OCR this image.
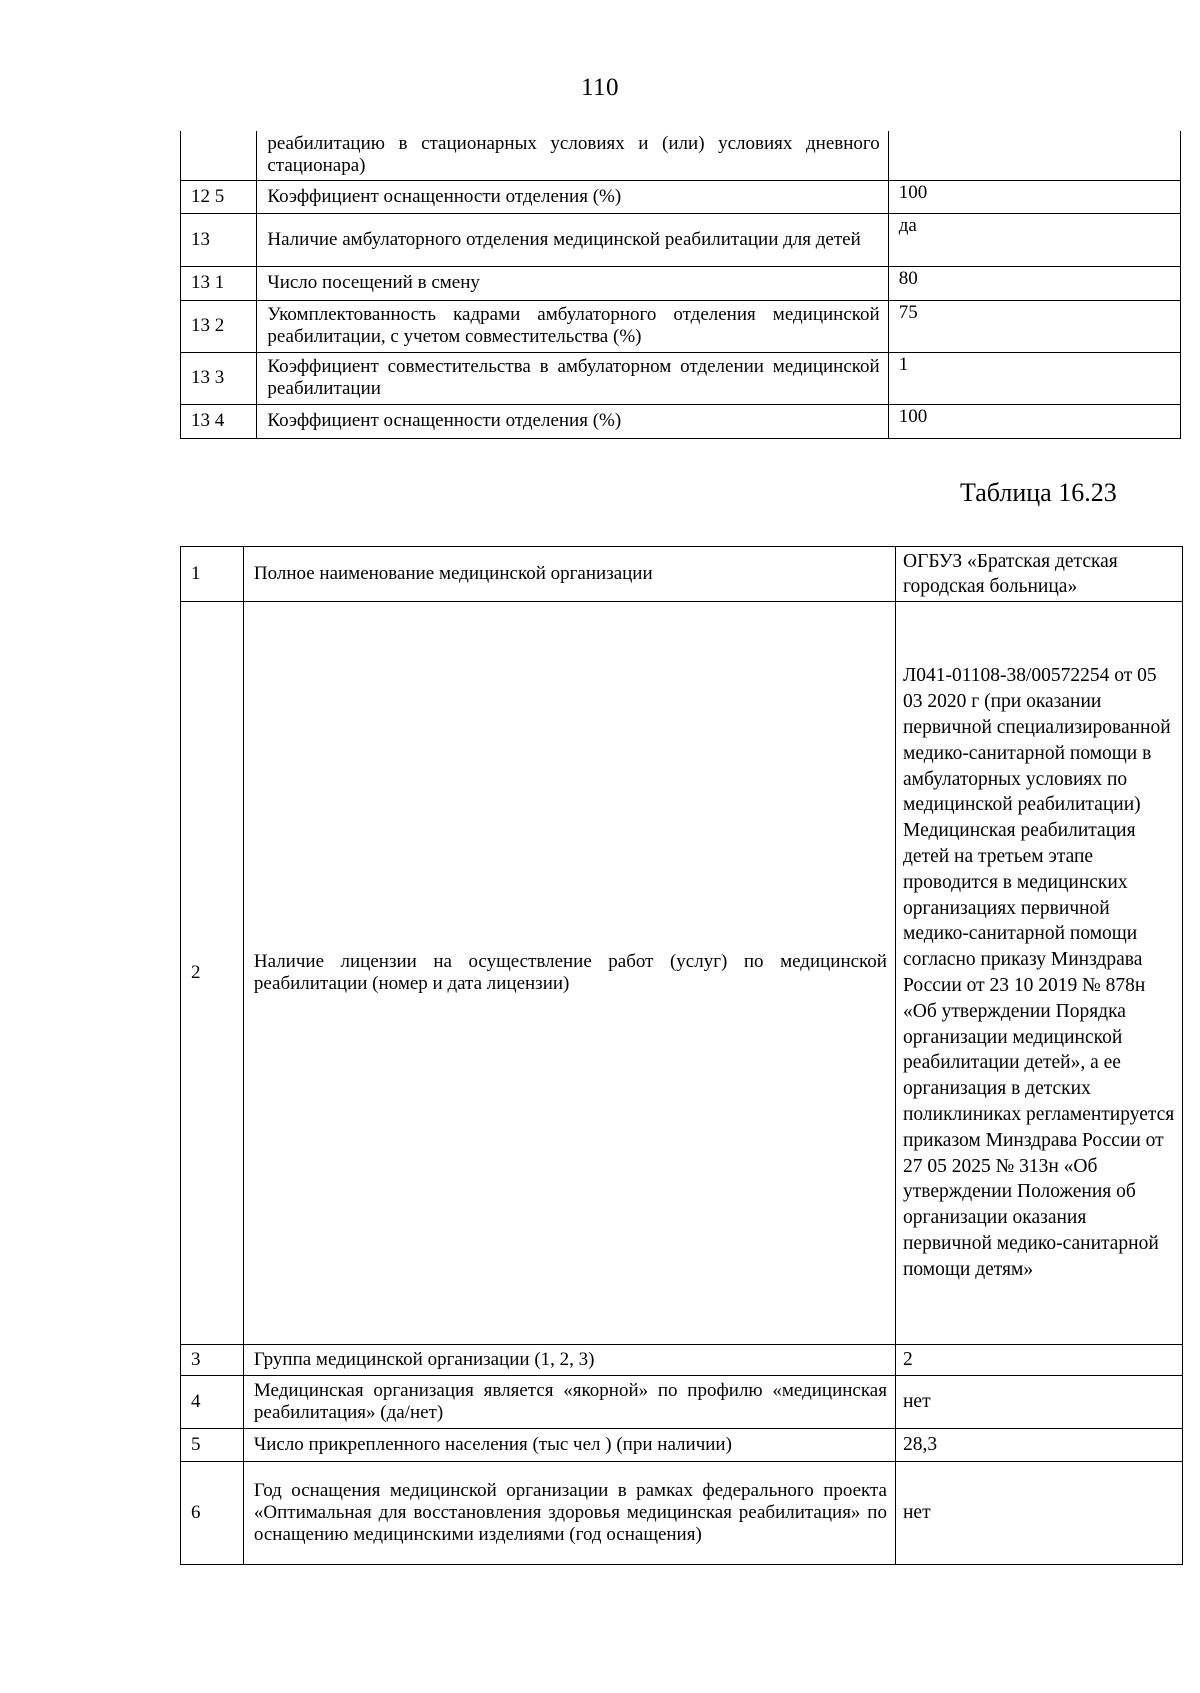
110
	реабилитацию в стационарных условиях и (или) условиях дневного стационара)	
12 5	Коэффициент оснащенности отделения (%)	100
13	Наличие амбулаторного отделения медицинской реабилитации для детей	да
13 1	Число посещений в смену	80
13 2	Укомплектованность кадрами амбулаторного отделения медицинской реабилитации, с учетом совместительства (%)	75
13 3	Коэффициент совместительства в амбулаторном отделении медицинской реабилитации	1
13 4	Коэффициент оснащенности отделения (%)	100
Таблица 16.23
1	Полное наименование медицинской организации	ОГБУЗ «Братская детская городская больница»
2	Наличие лицензии на осуществление работ (услуг) по медицинской реабилитации (номер и дата лицензии)	Л041-01108-38/00572254 от 05 03 2020 г (при оказании первичной специализированной медико-санитарной помощи в амбулаторных условиях по медицинской реабилитации) Медицинская реабилитация детей на третьем этапе проводится в медицинских организациях первичной медико-санитарной помощи согласно приказу Минздрава России от 23 10 2019 № 878н «Об утверждении Порядка организации медицинской реабилитации детей», а ее организация в детских поликлиниках регламентируется приказом Минздрава России от 27 05 2025 № 313н «Об утверждении Положения об организации оказания первичной медико-санитарной помощи детям»
3	Группа медицинской организации (1, 2, 3)	2
4	Медицинская организация является «якорной» по профилю «медицинская реабилитация» (да/нет)	нет
5	Число прикрепленного населения (тыс чел ) (при наличии)	28,3
6	Год оснащения медицинской организации в рамках федерального проекта «Оптимальная для восстановления здоровья медицинская реабилитация» по оснащению медицинскими изделиями (год оснащения)	нет
